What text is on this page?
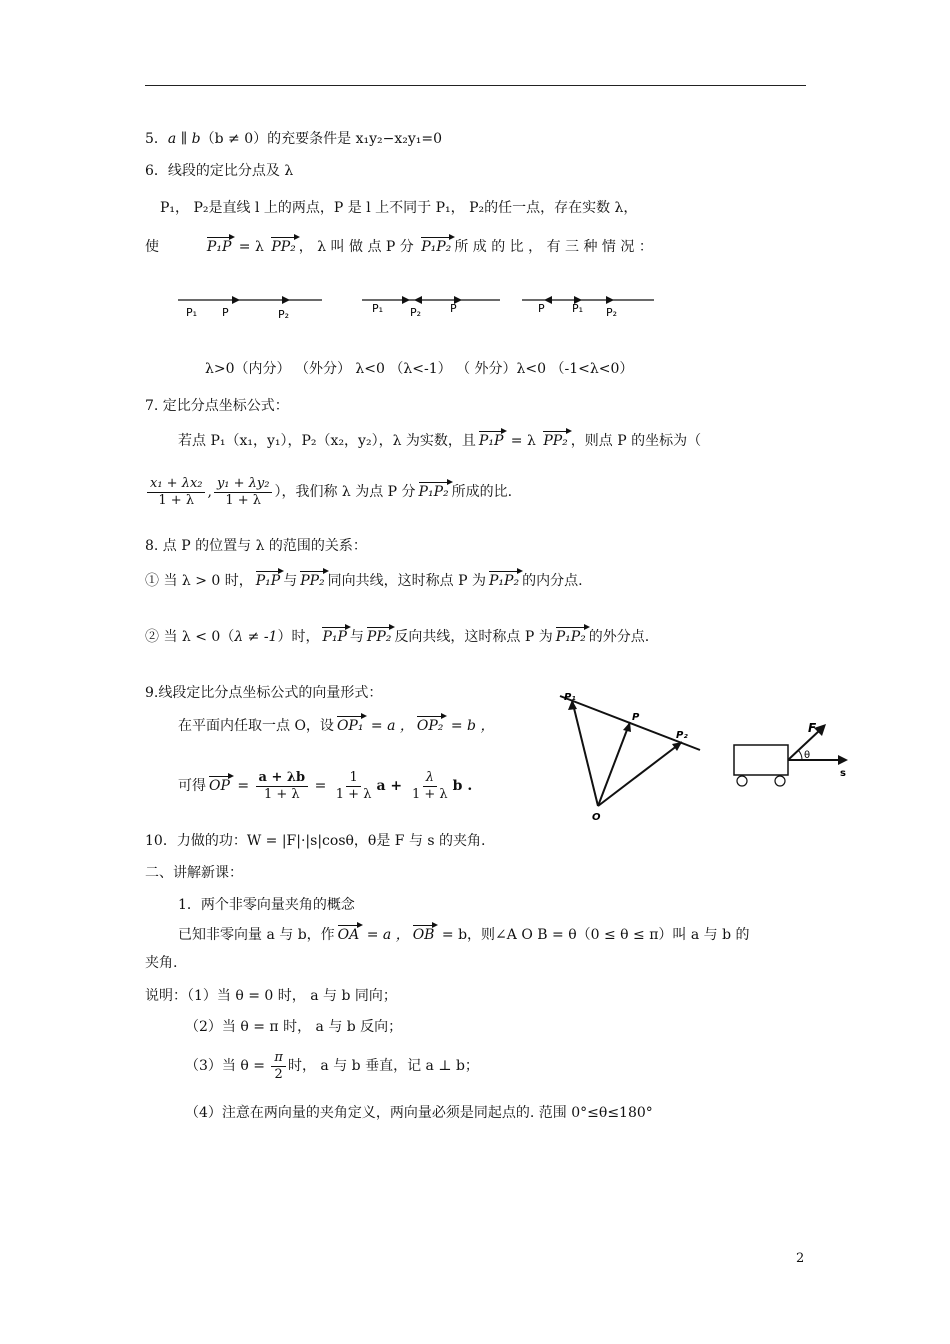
5．a ∥ b（b ≠ 0）的充要条件是 x₁y₂−x₂y₁=0
6．线段的定比分点及 λ
P₁， P₂是直线 l 上的两点，P 是 l 上不同于 P₁， P₂的任一点，存在实数 λ，
使	P₁P = λ PP₂ ， λ 叫 做 点 P 分 P₁P₂ 所 成 的 比 ， 有 三 种 情 况 ：
P₁ P	P₂	P₁ P₂	P	P P₁ P₂
λ>0（内分） （外分） λ<0 （λ<-1） （ 外分）λ<0 （-1<λ<0）
7. 定比分点坐标公式：
若点 P₁（x₁，y₁），P₂（x₂，y₂），λ 为实数，且 P₁P = λ PP₂ ，则点 P 的坐标为（
$\frac{\text{x₁ + λx₂}}{1 + \lambda}$ , $\frac{\text{y₁ + λy₂}}{1 + \lambda}$ ），我们称 λ 为点 P 分 P₁P₂ 所成的比.
8. 点 P 的位置与 λ 的范围的关系：
① 当 λ > 0 时， P₁P 与 PP₂ 同向共线，这时称点 P 为 P₁P₂ 的内分点.
② 当 λ < 0（λ ≠ -1）时， P₁P 与 PP₂ 反向共线，这时称点 P 为 P₁P₂ 的外分点.
9.线段定比分点坐标公式的向量形式：
在平面内任取一点 O，设 OP₁ = a ， OP₂ = b ，
可得 OP = $\frac{a + \lambda b}{1 + \lambda} = \frac{1}{1 + \lambda}$ $a + \frac{\lambda}{1 + \lambda}$ b .
P₁
P
P₂
O
F
θ
s
10．力做的功：W = |F|·|s|cosθ，θ是 F 与 s 的夹角.
二、讲解新课：
1．两个非零向量夹角的概念
已知非零向量 a 与 b，作 OA = a ， OB = b，则∠A O B = θ（0 ≤ θ ≤ π）叫 a 与 b 的
夹角.
说明：（1）当 θ = 0 时， a 与 b 同向；
（2）当 θ = π 时， a 与 b 反向；
（3）当 $\theta = \frac{\pi}{2}$ 时， a 与 b 垂直，记 a ⊥ b；
（4）注意在两向量的夹角定义，两向量必须是同起点的. 范围 0°≤θ≤180°
2
